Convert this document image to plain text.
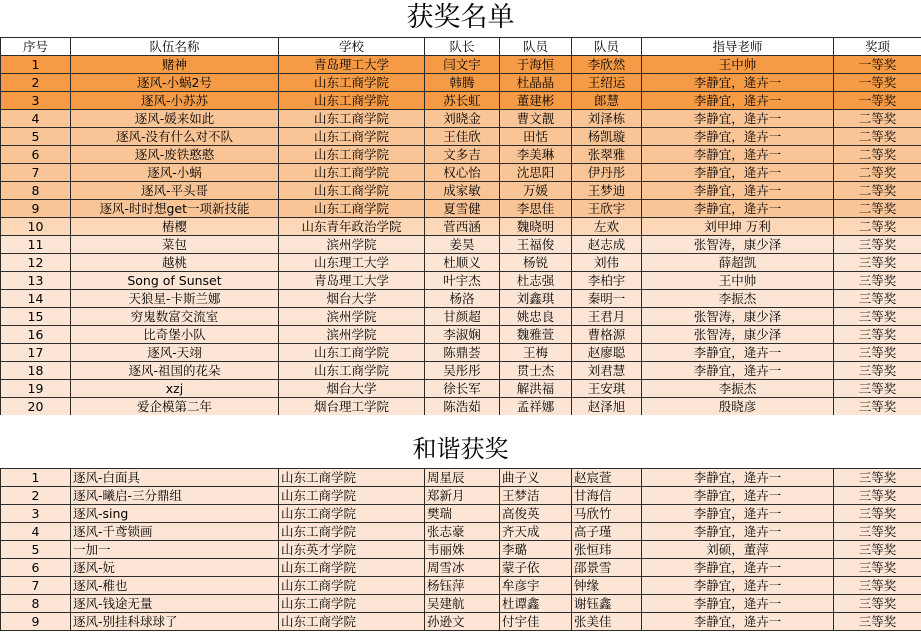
获奖名单
序号	队伍名称	学校	队长	队员	队员	指导老师	奖项
1	赌神	青岛理工大学	闫文宇	于海恒	李欣然	王中帅	一等奖
2	逐风-小蜗2号	山东工商学院	韩腾	杜晶晶	王绍运	李静宜，逄卉一	一等奖
3	逐风-小苏苏	山东工商学院	苏长虹	董建彬	郎慧	李静宜，逄卉一	一等奖
4	逐风-媛来如此	山东工商学院	刘晓金	曹文靓	刘泽栋	李静宜，逄卉一	二等奖
5	逐风-没有什么对不队	山东工商学院	王佳欣	田恬	杨凯璇	李静宜，逄卉一	二等奖
6	逐风-废铁憨憨	山东工商学院	文多吉	李美琳	张翠雅	李静宜，逄卉一	二等奖
7	逐风-小蜗	山东工商学院	权心怡	沈思阳	伊丹彤	李静宜，逄卉一	二等奖
8	逐风-平头哥	山东工商学院	成家敏	万媛	王梦迪	李静宜，逄卉一	二等奖
9	逐风-时时想get一项新技能	山东工商学院	夏雪健	李思佳	王欣宇	李静宜，逄卉一	二等奖
10	樁樱	山东青年政治学院	菅西涵	魏晓明	左欢	刘甲坤 万利	二等奖
11	菜包	滨州学院	姜昊	王福俊	赵志成	张智涛，康少泽	三等奖
12	越桃	山东理工大学	杜顺义	杨锐	刘伟	薛超凯	三等奖
13	Song of Sunset	青岛理工大学	叶宇杰	杜志强	李柏宇	王中帅	三等奖
14	天狼星-卡斯兰娜	烟台大学	杨洛	刘鑫琪	秦明一	李振杰	三等奖
15	穷鬼数富交流室	滨州学院	甘颜超	姚忠良	王君月	张智涛，康少泽	三等奖
16	比奇堡小队	滨州学院	李淑娴	魏雅萱	曹格源	张智涛，康少泽	三等奖
17	逐风-天翊	山东工商学院	陈鼎荟	王梅	赵廖聪	李静宜，逄卉一	三等奖
18	逐风-祖国的花朵	山东工商学院	吴彤彤	贯士杰	刘君慧	李静宜，逄卉一	三等奖
19	xzj	烟台大学	徐长军	解洪福	王安琪	李振杰	三等奖
20	爱企模第二年	烟台理工学院	陈浩茹	孟祥娜	赵泽旭	殷晓彦	三等奖
和谐获奖
1	逐风-白面具	山东工商学院	周星辰	曲子义	赵宸萱	李静宜，逄卉一	三等奖
2	逐风-曦启-三分鼎组	山东工商学院	郑新月	王梦洁	甘海信	李静宜，逄卉一	三等奖
3	逐风-sing	山东工商学院	樊瑞	高俊英	马欣竹	李静宜，逄卉一	三等奖
4	逐风-千鸢锁画	山东工商学院	张志豪	齐天成	高子瑾	李静宜，逄卉一	三等奖
5	一加一	山东英才学院	韦丽姝	李璐	张恒玮	刘硕，董萍	三等奖
6	逐风-妧	山东工商学院	周雪冰	蒙子依	邵景雪	李静宜，逄卉一	三等奖
7	逐风-稚也	山东工商学院	杨钰萍	牟彦宇	钟缘	李静宜，逄卉一	三等奖
8	逐风-钱途无量	山东工商学院	吴建航	杜谭鑫	谢钰鑫	李静宜，逄卉一	三等奖
9	逐风-别挂科球球了	山东工商学院	孙逊文	付宇佳	张美佳	李静宜，逄卉一	三等奖
